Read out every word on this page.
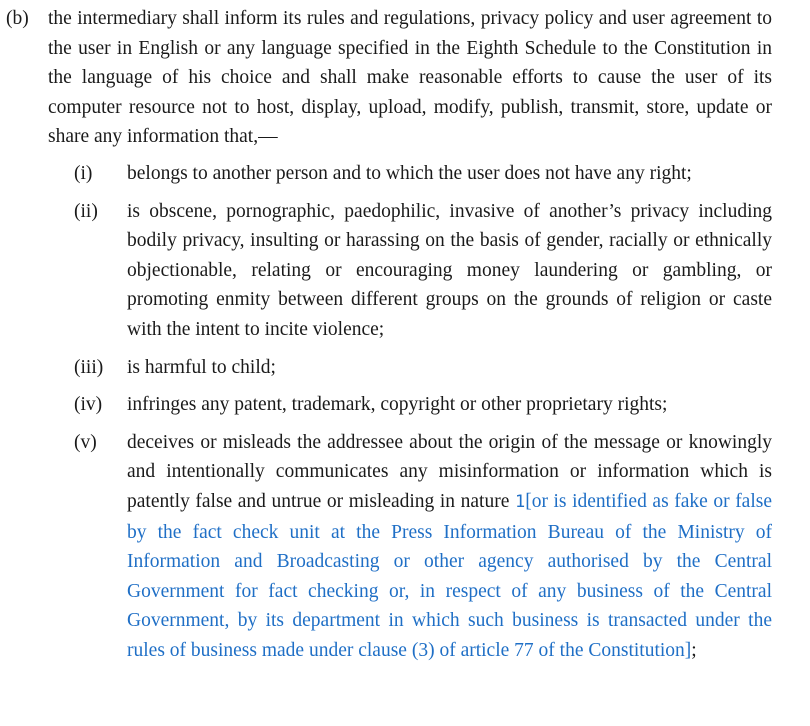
(b) the intermediary shall inform its rules and regulations, privacy policy and user agreement to the user in English or any language specified in the Eighth Schedule to the Constitution in the language of his choice and shall make reasonable efforts to cause the user of its computer resource not to host, display, upload, modify, publish, transmit, store, update or share any information that,—
(i)	belongs to another person and to which the user does not have any right;
(ii)	is obscene, pornographic, paedophilic, invasive of another’s privacy including bodily privacy, insulting or harassing on the basis of gender, racially or ethnically objectionable, relating or encouraging money laundering or gambling, or promoting enmity between different groups on the grounds of religion or caste with the intent to incite violence;
(iii)	is harmful to child;
(iv)	infringes any patent, trademark, copyright or other proprietary rights;
(v)	deceives or misleads the addressee about the origin of the message or knowingly and intentionally communicates any misinformation or information which is patently false and untrue or misleading in nature 1[or is identified as fake or false by the fact check unit at the Press Information Bureau of the Ministry of Information and Broadcasting or other agency authorised by the Central Government for fact checking or, in respect of any business of the Central Government, by its department in which such business is transacted under the rules of business made under clause (3) of article 77 of the Constitution];
